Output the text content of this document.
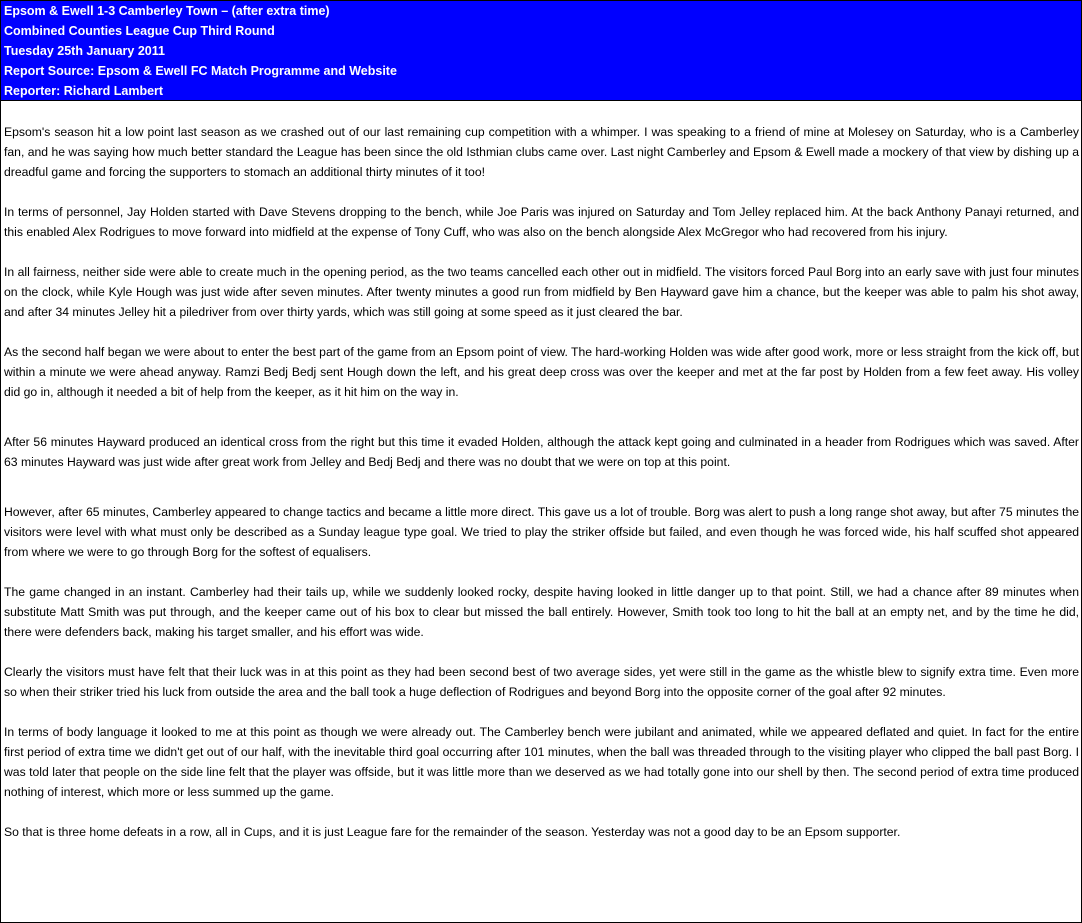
Epsom & Ewell 1-3 Camberley Town – (after extra time)
Combined Counties League Cup Third Round
Tuesday 25th January 2011
Report Source: Epsom & Ewell FC Match Programme and Website
Reporter: Richard Lambert

Epsom's season hit a low point last season as we crashed out of our last remaining cup competition with a whimper. I was speaking to a friend of mine at Molesey on Saturday, who is a Camberley fan, and he was saying how much better standard the League has been since the old Isthmian clubs came over. Last night Camberley and Epsom & Ewell made a mockery of that view by dishing up a dreadful game and forcing the supporters to stomach an additional thirty minutes of it too!

In terms of personnel, Jay Holden started with Dave Stevens dropping to the bench, while Joe Paris was injured on Saturday and Tom Jelley replaced him. At the back Anthony Panayi returned, and this enabled Alex Rodrigues to move forward into midfield at the expense of Tony Cuff, who was also on the bench alongside Alex McGregor who had recovered from his injury.

In all fairness, neither side were able to create much in the opening period, as the two teams cancelled each other out in midfield. The visitors forced Paul Borg into an early save with just four minutes on the clock, while Kyle Hough was just wide after seven minutes. After twenty minutes a good run from midfield by Ben Hayward gave him a chance, but the keeper was able to palm his shot away, and after 34 minutes Jelley hit a piledriver from over thirty yards, which was still going at some speed as it just cleared the bar.

As the second half began we were about to enter the best part of the game from an Epsom point of view. The hard-working Holden was wide after good work, more or less straight from the kick off, but within a minute we were ahead anyway. Ramzi Bedj Bedj sent Hough down the left, and his great deep cross was over the keeper and met at the far post by Holden from a few feet away. His volley did go in, although it needed a bit of help from the keeper, as it hit him on the way in.

After 56 minutes Hayward produced an identical cross from the right but this time it evaded Holden, although the attack kept going and culminated in a header from Rodrigues which was saved. After 63 minutes Hayward was just wide after great work from Jelley and Bedj Bedj and there was no doubt that we were on top at this point.

However, after 65 minutes, Camberley appeared to change tactics and became a little more direct. This gave us a lot of trouble. Borg was alert to push a long range shot away, but after 75 minutes the visitors were level with what must only be described as a Sunday league type goal. We tried to play the striker offside but failed, and even though he was forced wide, his half scuffed shot appeared from where we were to go through Borg for the softest of equalisers.

The game changed in an instant. Camberley had their tails up, while we suddenly looked rocky, despite having looked in little danger up to that point. Still, we had a chance after 89 minutes when substitute Matt Smith was put through, and the keeper came out of his box to clear but missed the ball entirely. However, Smith took too long to hit the ball at an empty net, and by the time he did, there were defenders back, making his target smaller, and his effort was wide.

Clearly the visitors must have felt that their luck was in at this point as they had been second best of two average sides, yet were still in the game as the whistle blew to signify extra time. Even more so when their striker tried his luck from outside the area and the ball took a huge deflection of Rodrigues and beyond Borg into the opposite corner of the goal after 92 minutes.

In terms of body language it looked to me at this point as though we were already out. The Camberley bench were jubilant and animated, while we appeared deflated and quiet. In fact for the entire first period of extra time we didn't get out of our half, with the inevitable third goal occurring after 101 minutes, when the ball was threaded through to the visiting player who clipped the ball past Borg. I was told later that people on the side line felt that the player was offside, but it was little more than we deserved as we had totally gone into our shell by then. The second period of extra time produced nothing of interest, which more or less summed up the game.

So that is three home defeats in a row, all in Cups, and it is just League fare for the remainder of the season. Yesterday was not a good day to be an Epsom supporter.
